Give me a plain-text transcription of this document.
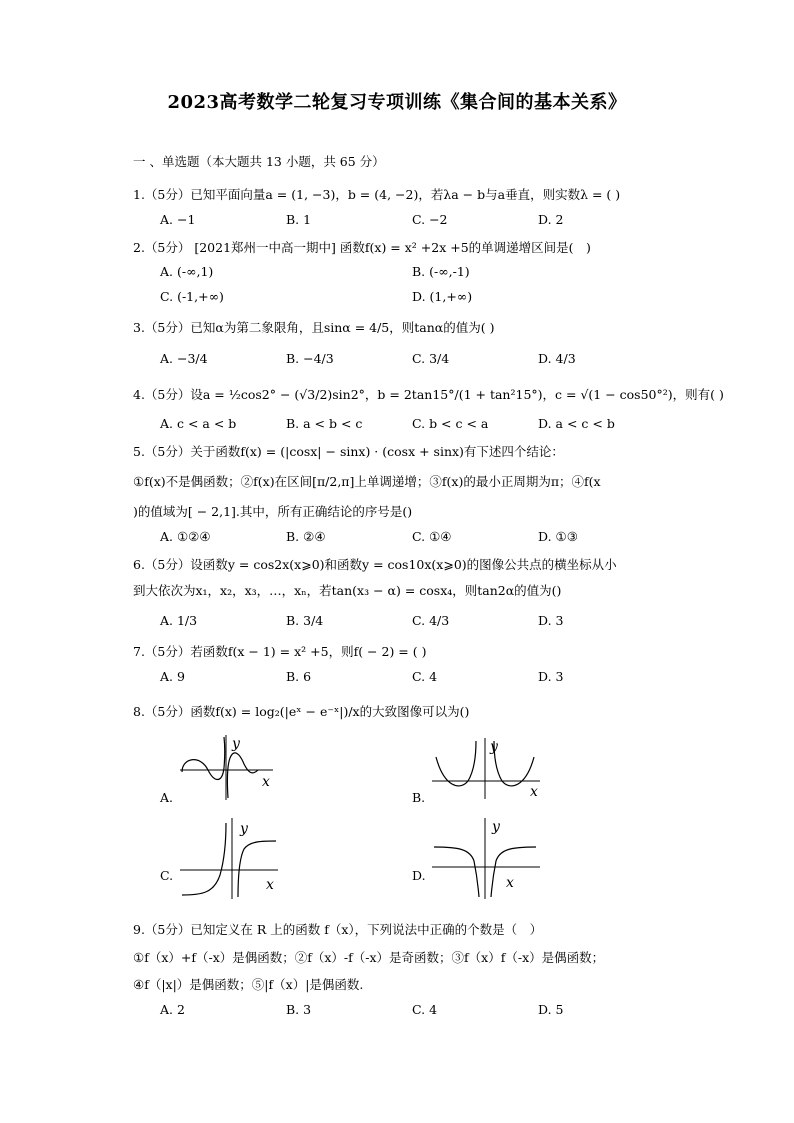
2023高考数学二轮复习专项训练《集合间的基本关系》
一 、单选题（本大题共 13 小题，共 65 分）
1.（5分）已知平面向量a = (1, −3)，b = (4, −2)，若λa − b与a垂直，则实数λ = ( )
A. −1	B. 1	C. −2	D. 2
2.（5分） [2021郑州一中高一期中] 函数f(x) = x² +2x +5的单调递增区间是(　)
A. (-∞,1)	B. (-∞,-1)
C. (-1,+∞)	D. (1,+∞)
3.（5分）已知α为第二象限角，且sinα = 4/5，则tanα的值为( )
A. −3/4	B. −4/3	C. 3/4	D. 4/3
4.（5分）设a = ½cos2° − (√3/2)sin2°，b = 2tan15°/(1 + tan²15°)，c = √(1 − cos50°²)，则有( )
A. c < a < b	B. a < b < c	C. b < c < a	D. a < c < b
5.（5分）关于函数f(x) = (|cosx| − sinx) · (cosx + sinx)有下述四个结论：
①f(x)不是偶函数；②f(x)在区间[π/2,π]上单调递增；③f(x)的最小正周期为π；④f(x
)的值域为[ − 2,1].其中，所有正确结论的序号是()
A. ①②④	B. ②④	C. ①④	D. ①③
6.（5分）设函数y = cos2x(x⩾0)和函数y = cos10x(x⩾0)的图像公共点的横坐标从小
到大依次为x₁，x₂，x₃，…，xₙ，若tan(x₃ − α) = cosx₄，则tan2α的值为()
A. 1/3	B. 3/4	C. 4/3	D. 3
7.（5分）若函数f(x − 1) = x² +5，则f( − 2) = ( )
A. 9	B. 6	C. 4	D. 3
8.（5分）函数f(x) = log₂(|eˣ − e⁻ˣ|)/x的大致图像可以为()
y
x
A.
y
x
B.
y
x
C.
y
x
D.
9.（5分）已知定义在 R 上的函数 f（x），下列说法中正确的个数是（　）
①f（x）+f（-x）是偶函数；②f（x）-f（-x）是奇函数；③f（x）f（-x）是偶函数；
④f（|x|）是偶函数；⑤|f（x）|是偶函数.
A. 2	B. 3	C. 4	D. 5
